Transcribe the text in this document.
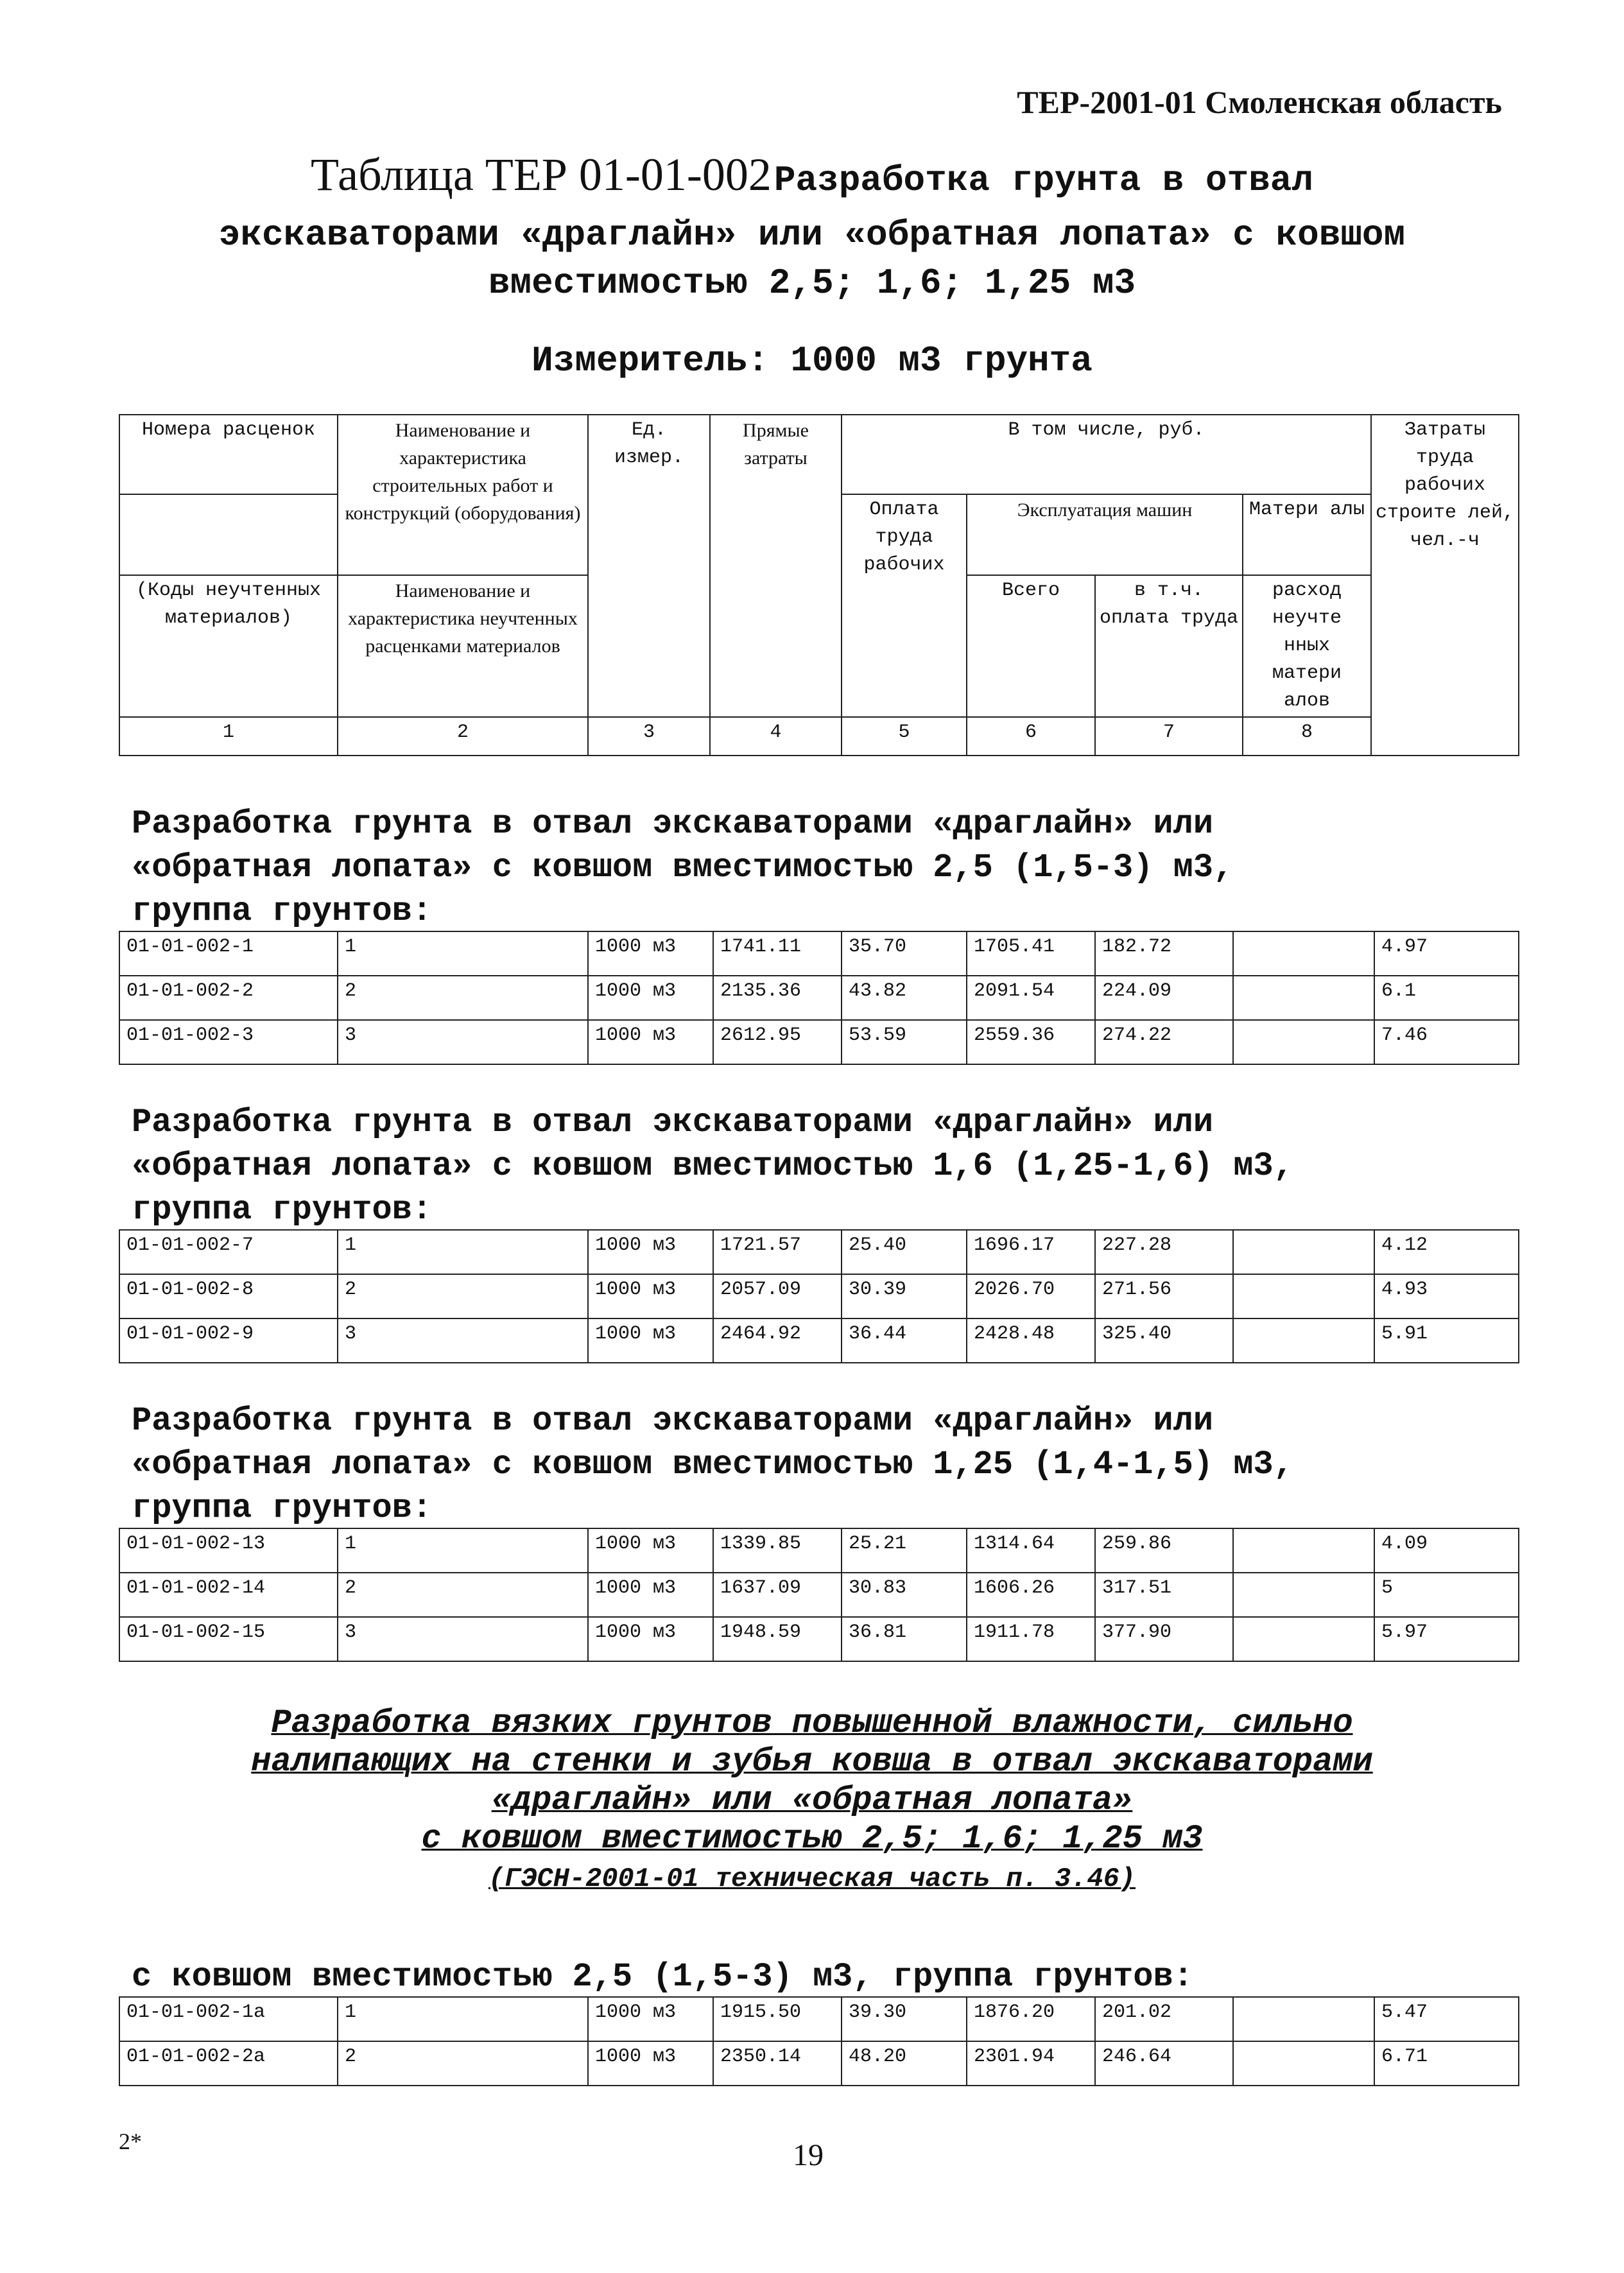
ТЕР-2001-01 Смоленская область
Таблица ТЕР 01-01-002 Разработка грунта в отвал
экскаваторами «драглайн» или «обратная лопата» с ковшом
вместимостью 2,5; 1,6; 1,25 м3
Измеритель: 1000 м3 грунта
Номера расценок	Наименование и характеристика строительных работ и конструкций (оборудования)	Ед. измер.	Прямые затраты	В том числе, руб.				Затраты труда рабочих строите лей, чел.-ч	
				Оплата труда рабочих	Эксплуатация машин		Матери алы		
(Коды неучтенных материалов)	Наименование и характеристика неучтенных расценками материалов				Всего	в т.ч. оплата труда	расход неучте нных матери алов		
1	2	3	4	5	6	7	8	
Разработка грунта в отвал экскаваторами «драглайн» или
«обратная лопата» с ковшом вместимостью 2,5 (1,5-3) м3,
группа грунтов:
01-01-002-1	1	1000 м3	1741.11	35.70	1705.41	182.72		4.97
01-01-002-2	2	1000 м3	2135.36	43.82	2091.54	224.09		6.1
01-01-002-3	3	1000 м3	2612.95	53.59	2559.36	274.22		7.46
Разработка грунта в отвал экскаваторами «драглайн» или
«обратная лопата» с ковшом вместимостью 1,6 (1,25-1,6) м3,
группа грунтов:
01-01-002-7	1	1000 м3	1721.57	25.40	1696.17	227.28		4.12
01-01-002-8	2	1000 м3	2057.09	30.39	2026.70	271.56		4.93
01-01-002-9	3	1000 м3	2464.92	36.44	2428.48	325.40		5.91
Разработка грунта в отвал экскаваторами «драглайн» или
«обратная лопата» с ковшом вместимостью 1,25 (1,4-1,5) м3,
группа грунтов:
01-01-002-13	1	1000 м3	1339.85	25.21	1314.64	259.86		4.09
01-01-002-14	2	1000 м3	1637.09	30.83	1606.26	317.51		5
01-01-002-15	3	1000 м3	1948.59	36.81	1911.78	377.90		5.97
Разработка вязких грунтов повышенной влажности, сильно
налипающих на стенки и зубья ковша в отвал экскаваторами
«драглайн» или «обратная лопата»
с ковшом вместимостью 2,5; 1,6; 1,25 м3
(ГЭСН-2001-01 техническая часть п. 3.46)
с ковшом вместимостью 2,5 (1,5-3) м3, группа грунтов:
01-01-002-1а	1	1000 м3	1915.50	39.30	1876.20	201.02		5.47
01-01-002-2а	2	1000 м3	2350.14	48.20	2301.94	246.64		6.71
2*	19
